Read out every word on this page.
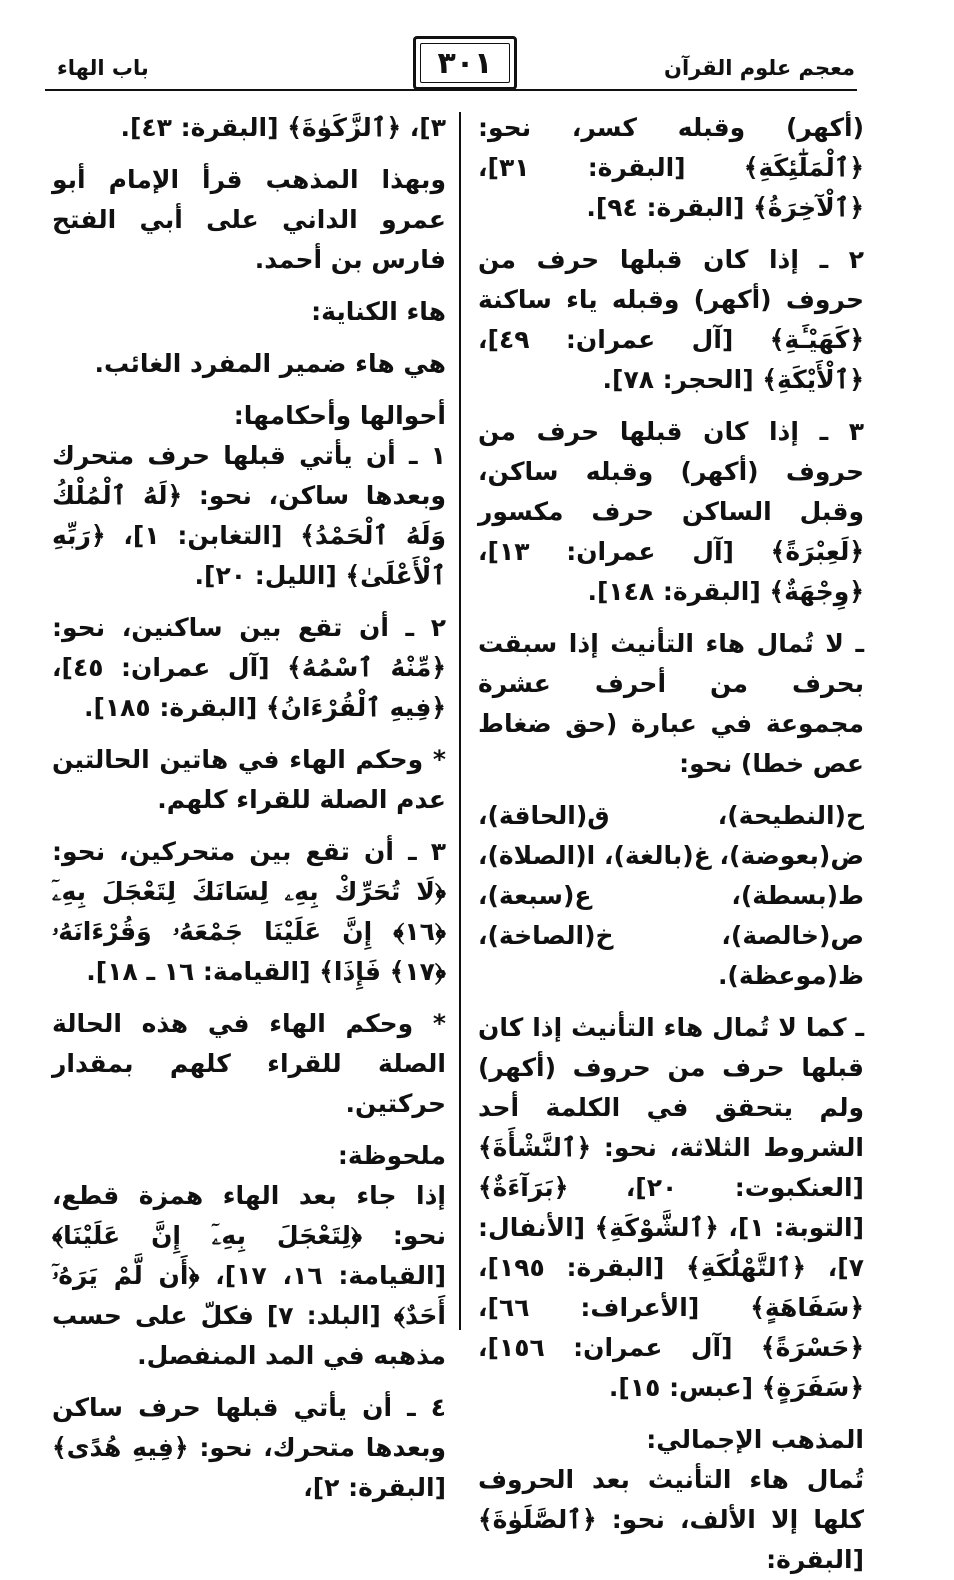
باب الهاء	٣٠١	معجم علوم القرآن

(أكهر) وقبله كسر، نحو: ﴿ٱلْمَلَٰٓئِكَةِ﴾ [البقرة: ٣١]، ﴿ٱلْآخِرَةُ﴾ [البقرة: ٩٤].

٢ ـ إذا كان قبلها حرف من حروف (أكهر) وقبله ياء ساكنة ﴿كَهَيْـَٔةِ﴾ [آل عمران: ٤٩]، ﴿ٱلْأَيْكَةِ﴾ [الحجر: ٧٨].

٣ ـ إذا كان قبلها حرف من حروف (أكهر) وقبله ساكن، وقبل الساكن حرف مكسور ﴿لَعِبْرَةً﴾ [آل عمران: ١٣]، ﴿وِجْهَةٌ﴾ [البقرة: ١٤٨].

ـ لا تُمال هاء التأنيث إذا سبقت بحرف من أحرف عشرة مجموعة في عبارة (حق ضغاط عص خطا) نحو:

ح(النطيحة)، ق(الحاقة)، ض(بعوضة)، غ(بالغة)، ا(الصلاة)، ط(بسطة)، ع(سبعة)، ص(خالصة)، خ(الصاخة)، ظ(موعظة).

ـ كما لا تُمال هاء التأنيث إذا كان قبلها حرف من حروف (أكهر) ولم يتحقق في الكلمة أحد الشروط الثلاثة، نحو: ﴿ٱلنَّشْأَةَ﴾ [العنكبوت: ٢٠]، ﴿بَرَآءَةٌ﴾ [التوبة: ١]، ﴿ٱلشَّوْكَةِ﴾ [الأنفال: ٧]، ﴿ٱلتَّهْلُكَةِ﴾ [البقرة: ١٩٥]، ﴿سَفَاهَةٍ﴾ [الأعراف: ٦٦]، ﴿حَسْرَةً﴾ [آل عمران: ١٥٦]، ﴿سَفَرَةٍ﴾ [عبس: ١٥].

المذهب الإجمالي:

تُمال هاء التأنيث بعد الحروف كلها إلا الألف، نحو: ﴿ٱلصَّلَوٰةَ﴾ [البقرة:

٣]، ﴿ٱلزَّكَوٰةَ﴾ [البقرة: ٤٣].

وبهذا المذهب قرأ الإمام أبو عمرو الداني على أبي الفتح فارس بن أحمد.

هاء الكناية:

هي هاء ضمير المفرد الغائب.

أحوالها وأحكامها:

١ ـ أن يأتي قبلها حرف متحرك وبعدها ساكن، نحو: ﴿لَهُ ٱلْمُلْكُ وَلَهُ ٱلْحَمْدُ﴾ [التغابن: ١]، ﴿رَبِّهِ ٱلْأَعْلَىٰ﴾ [الليل: ٢٠].

٢ ـ أن تقع بين ساكنين، نحو: ﴿مِّنْهُ ٱسْمُهُ﴾ [آل عمران: ٤٥]، ﴿فِيهِ ٱلْقُرْءَانُ﴾ [البقرة: ١٨٥].

* وحكم الهاء في هاتين الحالتين عدم الصلة للقراء كلهم.

٣ ـ أن تقع بين متحركين، نحو: ﴿لَا تُحَرِّكْ بِهِۦ لِسَانَكَ لِتَعْجَلَ بِهِۦٓ ﴿١٦﴾ إِنَّ عَلَيْنَا جَمْعَهُۥ وَقُرْءَانَهُۥ ﴿١٧﴾ فَإِذَا﴾ [القيامة: ١٦ ـ ١٨].

* وحكم الهاء في هذه الحالة الصلة للقراء كلهم بمقدار حركتين.

ملحوظة:

إذا جاء بعد الهاء همزة قطع، نحو: ﴿لِتَعْجَلَ بِهِۦٓ إِنَّ عَلَيْنَا﴾ [القيامة: ١٦، ١٧]، ﴿أَن لَّمْ يَرَهُۥٓ أَحَدٌ﴾ [البلد: ٧] فكلّ على حسب مذهبه في المد المنفصل.

٤ ـ أن يأتي قبلها حرف ساكن وبعدها متحرك، نحو: ﴿فِيهِ هُدًى﴾ [البقرة: ٢]،
